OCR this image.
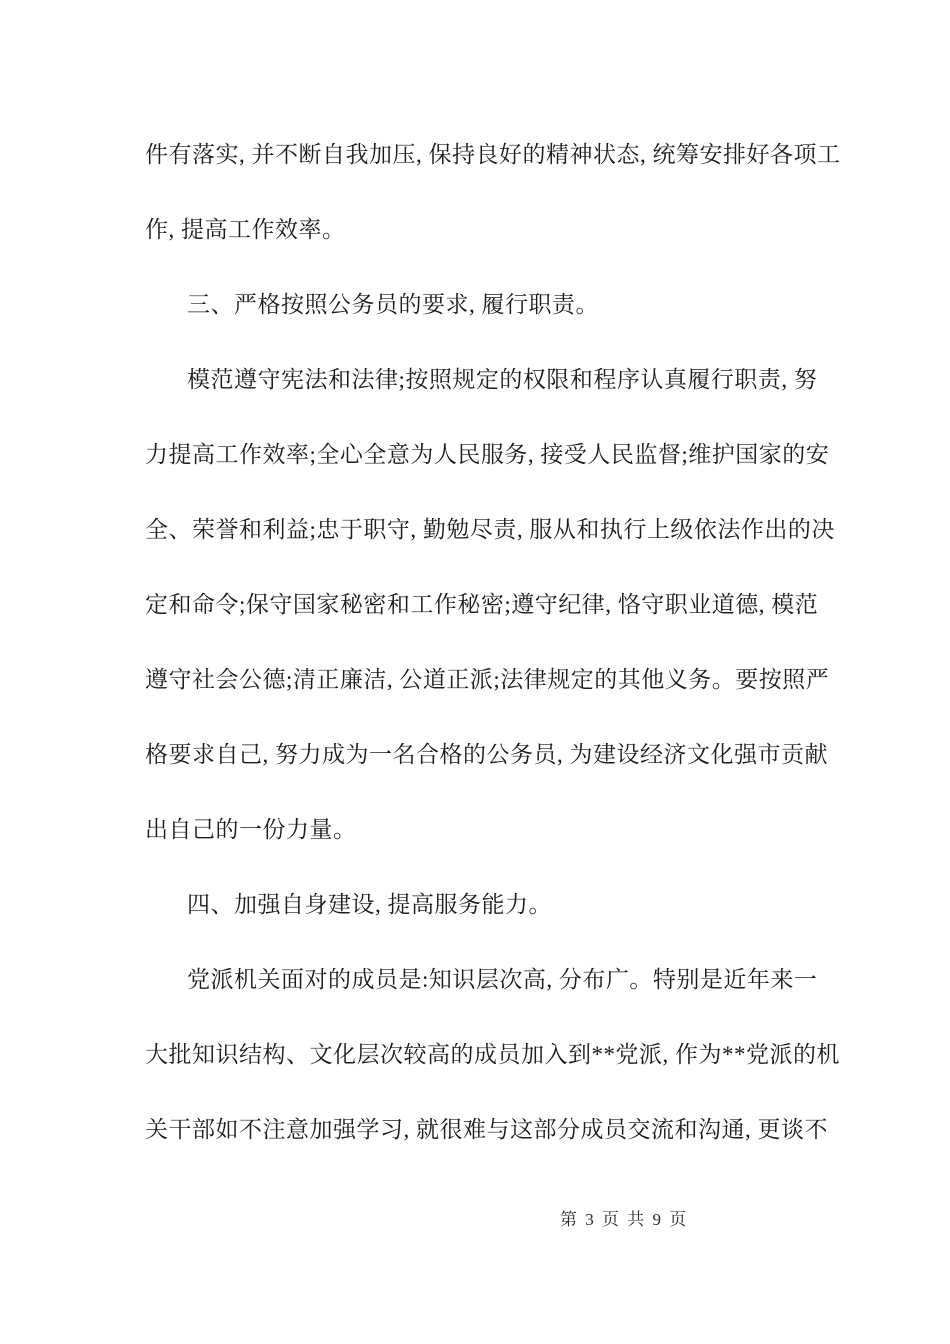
件有落实, 并不断自我加压, 保持良好的精神状态, 统筹安排好各项工
作, 提高工作效率。
三、严格按照公务员的要求, 履行职责。
模范遵守宪法和法律;按照规定的权限和程序认真履行职责, 努
力提高工作效率;全心全意为人民服务, 接受人民监督;维护国家的安
全、荣誉和利益;忠于职守, 勤勉尽责, 服从和执行上级依法作出的决
定和命令;保守国家秘密和工作秘密;遵守纪律, 恪守职业道德, 模范
遵守社会公德;清正廉洁, 公道正派;法律规定的其他义务。要按照严
格要求自己, 努力成为一名合格的公务员, 为建设经济文化强市贡献
出自己的一份力量。
四、加强自身建设, 提高服务能力。
党派机关面对的成员是:知识层次高, 分布广。特别是近年来一
大批知识结构、文化层次较高的成员加入到**党派, 作为**党派的机
关干部如不注意加强学习, 就很难与这部分成员交流和沟通, 更谈不
第 3 页 共 9 页
